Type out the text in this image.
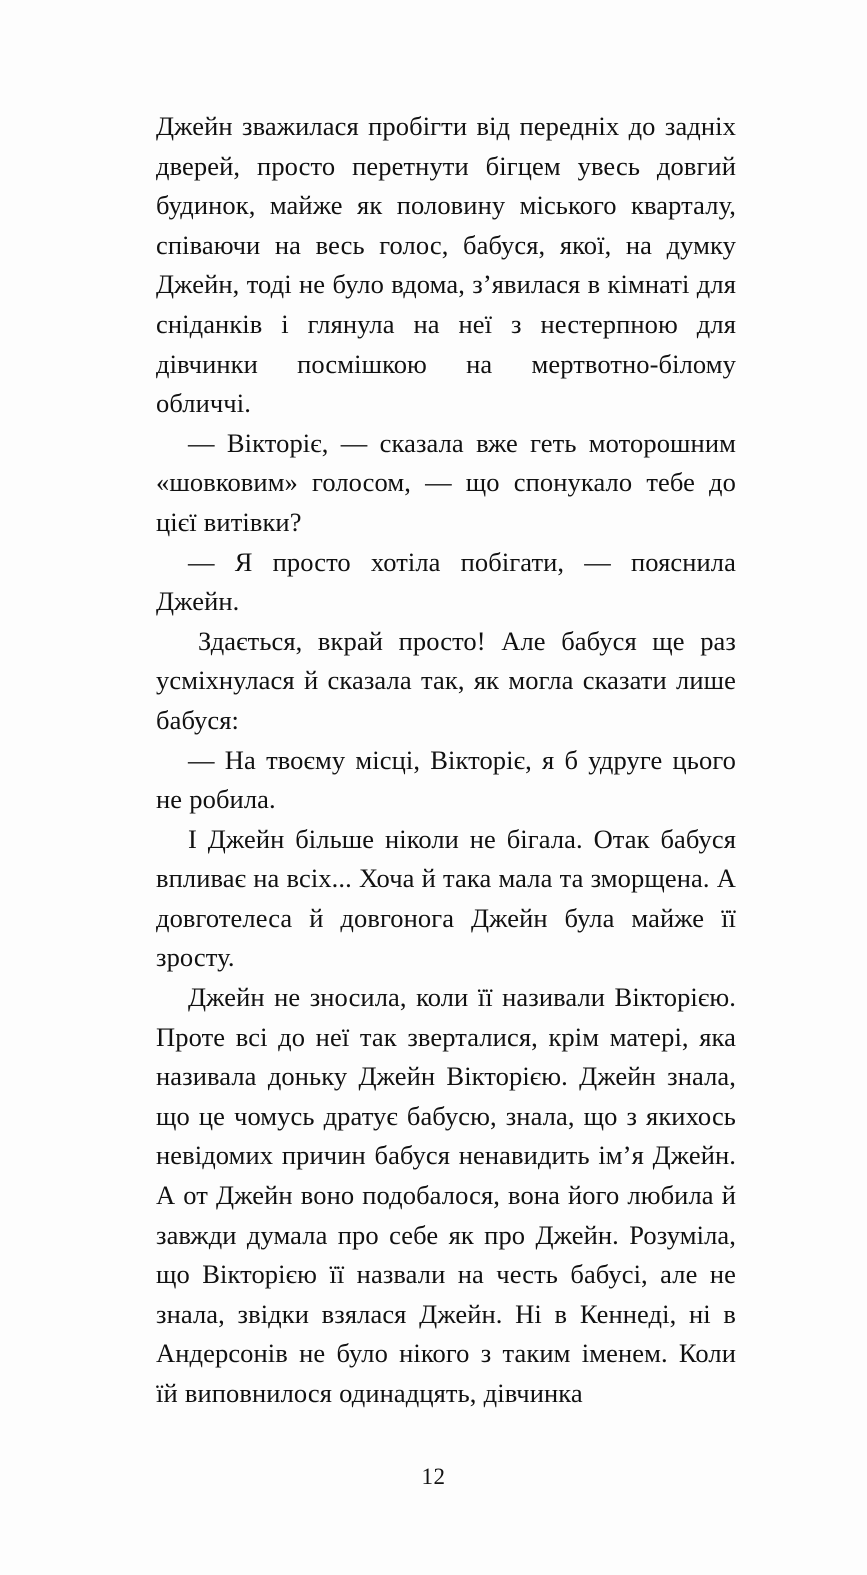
Джейн зважилася пробігти від передніх до задніх дверей, просто перетнути бігцем увесь довгий будинок, майже як половину міського кварталу, співаючи на весь голос, бабуся, якої, на думку Джейн, тоді не було вдома, з’явилася в кімнаті для сніданків і глянула на неї з нестерпною для дівчинки посмішкою на мертвотно-білому обличчі.

— Вікторіє, — сказала вже геть моторошним «шовковим» голосом, — що спонукало тебе до цієї витівки?

— Я просто хотіла побігати, — пояснила Джейн.

Здається, вкрай просто! Але бабуся ще раз усміхнулася й сказала так, як могла сказати лише бабуся:

— На твоєму місці, Вікторіє, я б удруге цього не робила.

І Джейн більше ніколи не бігала. Отак бабуся впливає на всіх... Хоча й така мала та зморщена. А довготелеса й довгонога Джейн була майже її зросту.

Джейн не зносила, коли її називали Вікторією. Проте всі до неї так зверталися, крім матері, яка називала доньку Джейн Вікторією. Джейн знала, що це чомусь дратує бабусю, знала, що з якихось невідомих причин бабуся ненавидить ім’я Джейн. А от Джейн воно подобалося, вона його любила й завжди думала про себе як про Джейн. Розуміла, що Вікторією її назвали на честь бабусі, але не знала, звідки взялася Джейн. Ні в Кеннеді, ні в Андерсонів не було нікого з таким іменем. Коли їй виповнилося одинадцять, дівчинка

12
